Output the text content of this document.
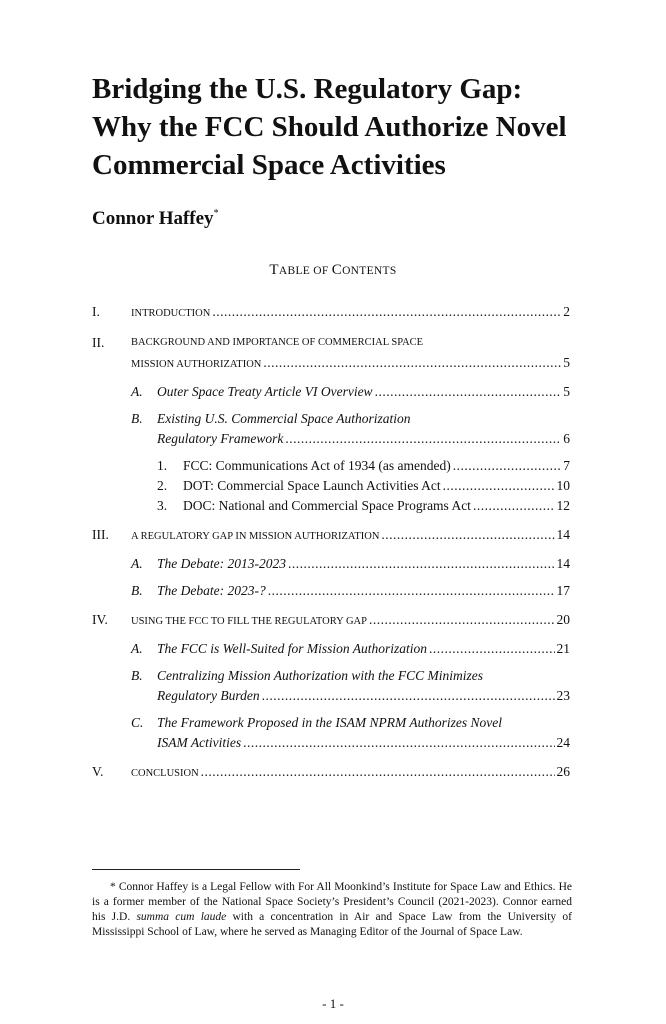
Bridging the U.S. Regulatory Gap:
Why the FCC Should Authorize Novel
Commercial Space Activities
Connor Haffey*
TABLE OF CONTENTS
I.	INTRODUCTION .....	2
II.	BACKGROUND AND IMPORTANCE OF COMMERCIAL SPACE
MISSION AUTHORIZATION .....	5
A. Outer Space Treaty Article VI Overview .....	5
B. Existing U.S. Commercial Space Authorization
Regulatory Framework .....	6
1. FCC: Communications Act of 1934 (as amended) .....	7
2. DOT: Commercial Space Launch Activities Act .....	10
3. DOC: National and Commercial Space Programs Act .....	12
III. A REGULATORY GAP IN MISSION AUTHORIZATION .....	14
A. The Debate: 2013-2023 .....	14
B. The Debate: 2023-? .....	17
IV. USING THE FCC TO FILL THE REGULATORY GAP .....	20
A. The FCC is Well-Suited for Mission Authorization .....	21
B. Centralizing Mission Authorization with the FCC Minimizes
Regulatory Burden .....	23
C. The Framework Proposed in the ISAM NPRM Authorizes Novel
ISAM Activities .....	24
V.	CONCLUSION .....	26
* Connor Haffey is a Legal Fellow with For All Moonkind’s Institute for Space Law and Ethics. He is a former member of the National Space Society’s President’s Council (2021-2023). Connor earned his J.D. summa cum laude with a concentration in Air and Space Law from the University of Mississippi School of Law, where he served as Managing Editor of the Journal of Space Law.
- 1 -
